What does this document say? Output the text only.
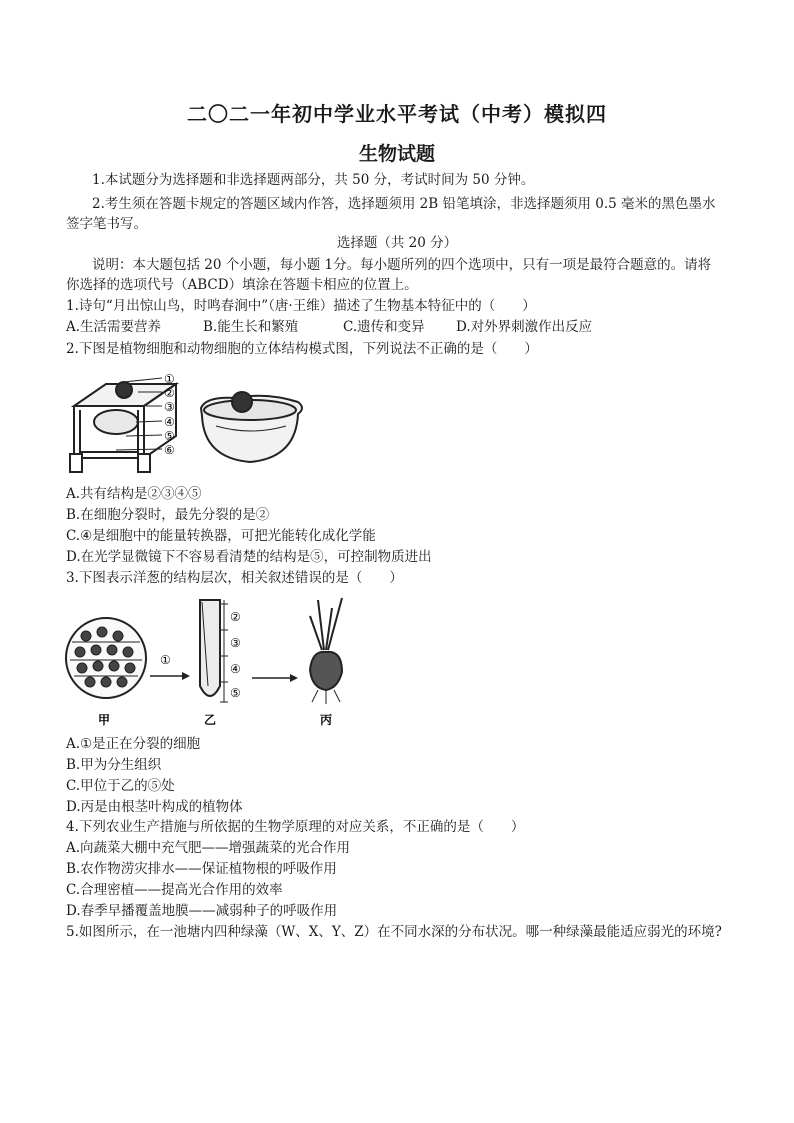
二〇二一年初中学业水平考试（中考）模拟四
生物试题
1.本试题分为选择题和非选择题两部分，共 50 分，考试时间为 50 分钟。
2.考生须在答题卡规定的答题区域内作答，选择题须用 2B 铅笔填涂，非选择题须用 0.5 毫米的黑色墨水
签字笔书写。
选择题（共 20 分）
说明：本大题包括 20 个小题，每小题 1分。每小题所列的四个选项中，只有一项是最符合题意的。请将
你选择的选项代号（ABCD）填涂在答题卡相应的位置上。
1.诗句“月出惊山鸟，时鸣春涧中”（唐·王维）描述了生物基本特征中的（　　）
A.生活需要营养	B.能生长和繁殖	C.遗传和变异 D.对外界刺激作出反应
2.下图是植物细胞和动物细胞的立体结构模式图，下列说法不正确的是（　　）
①
②
③
④
⑤
⑥
A.共有结构是②③④⑤
B.在细胞分裂时，最先分裂的是②
C.④是细胞中的能量转换器，可把光能转化成化学能
D.在光学显微镜下不容易看清楚的结构是⑤，可控制物质进出
3.下图表示洋葱的结构层次，相关叙述错误的是（　　）
①
②
③
④
⑤
甲	乙	丙
A.①是正在分裂的细胞
B.甲为分生组织
C.甲位于乙的⑤处
D.丙是由根茎叶构成的植物体
4.下列农业生产措施与所依据的生物学原理的对应关系，不正确的是（　　）
A.向蔬菜大棚中充气肥——增强蔬菜的光合作用
B.农作物涝灾排水——保证植物根的呼吸作用
C.合理密植——提高光合作用的效率
D.春季早播覆盖地膜——减弱种子的呼吸作用
5.如图所示，在一池塘内四种绿藻（W、X、Y、Z）在不同水深的分布状况。哪一种绿藻最能适应弱光的环境?
